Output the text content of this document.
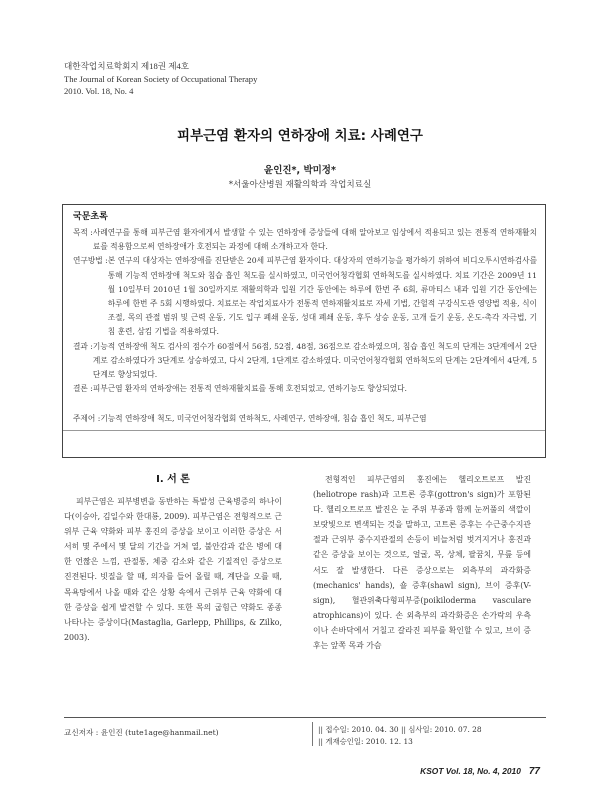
대한작업치료학회지 제18권 제4호
The Journal of Korean Society of Occupational Therapy
2010. Vol. 18, No. 4
피부근염 환자의 연하장애 치료: 사례연구
윤인진*, 박미정*
*서울아산병원 재활의학과 작업치료실
국문초록
목적 : 사례연구를 통해 피부근염 환자에게서 발생할 수 있는 연하장애 증상들에 대해 알아보고 임상에서 적용되고 있는 전통적 연하재활치료를 적용함으로써 연하장애가 호전되는 과정에 대해 소개하고자 한다.
연구방법 : 본 연구의 대상자는 연하장애를 진단받은 20세 피부근염 환자이다. 대상자의 연하기능을 평가하기 위하여 비디오투시연하검사를 통해 기능적 연하장애 척도와 침습 흡인 척도를 실시하였고, 미국언어청각협회 연하척도를 실시하였다. 치료 기간은 2009년 11월 10일부터 2010년 1월 30일까지로 재활의학과 입원 기간 동안에는 하루에 한번 주 6회, 류마티스 내과 입원 기간 동안에는 하루에 한번 주 5회 시행하였다. 치료로는 작업치료사가 전통적 연하재활치료로 자세 기법, 간헐적 구강식도관 영양법 적용, 식이 조절, 목의 관절 범위 및 근력 운동, 기도 입구 폐쇄 운동, 성대 폐쇄 운동, 후두 상승 운동, 고개 들기 운동, 온도-촉각 자극법, 기침 훈련, 삼킴 기법을 적용하였다.
결과 : 기능적 연하장애 척도 검사의 점수가 60점에서 56점, 52점, 48점, 36점으로 감소하였으며, 침습 흡인 척도의 단계는 3단계에서 2단계로 감소하였다가 3단계로 상승하였고, 다시 2단계, 1단계로 감소하였다. 미국언어청각협회 연하척도의 단계는 2단계에서 4단계, 5단계로 향상되었다.
결론 : 피부근염 환자의 연하장애는 전통적 연하재활치료를 통해 호전되었고, 연하기능도 향상되었다.
주제어 : 기능적 연하장애 척도, 미국언어청각협회 연하척도, 사례연구, 연하장애, 침습 흡인 척도, 피부근염
Ⅰ. 서 론

피부근염은 피부병변을 동반하는 특발성 근육병증의 하나이다(이승아, 김일수와 한대룡, 2009). 피부근염은 전형적으로 근위부 근육 약화와 피부 홍진의 증상을 보이고 이러한 증상은 서서히 몇 주에서 몇 달의 기간을 거쳐 열, 불안감과 같은 병에 대한 언짢은 느낌, 관절통, 체중 감소와 같은 기질적인 증상으로 진전된다. 빗질을 할 때, 의자를 들어 올릴 때, 계단을 오를 때, 목욕탕에서 나올 때와 같은 상황 속에서 근위부 근육 약화에 대한 증상을 쉽게 발견할 수 있다. 또한 목의 굽힘근 약화도 종종 나타나는 증상이다(Mastaglia, Garlepp, Phillips, & Zilko, 2003).

전형적인 피부근염의 홍진에는 헬리오트로프 발진(heliotrope rash)과 고트론 증후(gottron's sign)가 포함된다. 헬리오트로프 발진은 눈 주위 부종과 함께 눈꺼풀의 색깔이 보랏빛으로 변색되는 것을 말하고, 고트론 증후는 수근중수지관절과 근위부 중수지관절의 손등이 비늘처럼 벗겨지거나 홍진과 같은 증상을 보이는 것으로, 얼굴, 목, 상체, 팔꿈치, 무릎 등에서도 잘 발생한다. 다른 증상으로는 외측부의 과각화증(mechanics' hands), 숄 증후(shawl sign), 브이 증후(V-sign), 혈관위축다형피부증(poikiloderma vasculare atrophicans)이 있다. 손 외측부의 과각화증은 손가락의 우측이나 손바닥에서 거칠고 갈라진 피부를 확인할 수 있고, 브이 증후는 앞쪽 목과 가슴

교신저자 : 윤인진 (tute1age@hanmail.net)	|| 접수일: 2010. 04. 30 || 심사일: 2010. 07. 28
|| 게재승인일: 2010. 12. 13
KSOT Vol. 18, No. 4, 2010 77
